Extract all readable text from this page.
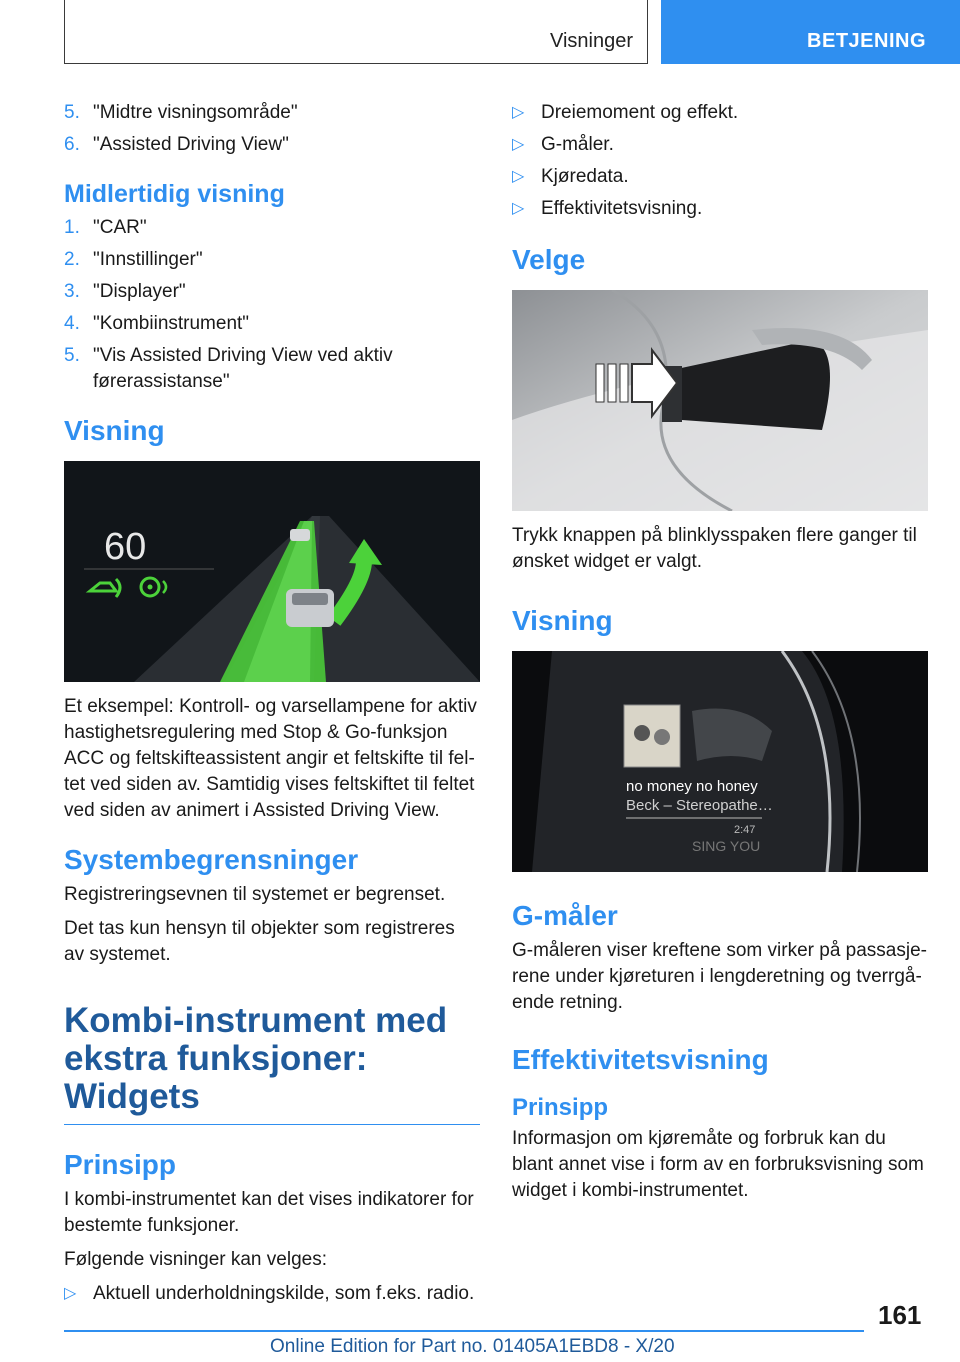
Visninger	BETJENING
5. "Midtre visningsområde"
6. "Assisted Driving View"
Midlertidig visning
1. "CAR"
2. "Innstillinger"
3. "Displayer"
4. "Kombiinstrument"
5. "Vis Assisted Driving View ved aktiv førerassistanse"
Visning
60

Et eksempel: Kontroll- og varsellampene for aktiv hastighetsregulering med Stop & Go-funksjon ACC og feltskifteassistent angir et feltskifte til fel-tet ved siden av. Samtidig vises feltskiftet til feltet ved siden av animert i Assisted Driving View.

Systembegrensninger

Registreringsevnen til systemet er begrenset.

Det tas kun hensyn til objekter som registreres av systemet.

Kombi-instrument med ekstra funksjoner: Widgets
Prinsipp

I kombi-instrumentet kan det vises indikatorer for bestemte funksjoner.

Følgende visninger kan velges:

▷ Aktuell underholdningskilde, som f.eks. radio.
▷ Dreiemoment og effekt.
▷ G-måler.
▷ Kjøredata.
▷ Effektivitetsvisning.
Velge

Trykk knappen på blinklysspaken flere ganger til ønsket widget er valgt.

Visning
no money no honey
Beck – Stereopathe…
2:47
SING YOU
G-måler

G-måleren viser kreftene som virker på passasje-rene under kjøreturen i lengderetning og tverrgå-ende retning.

Effektivitetsvisning
Prinsipp

Informasjon om kjøremåte og forbruk kan du blant annet vise i form av en forbruksvisning som widget i kombi-instrumentet.

161
Online Edition for Part no. 01405A1EBD8 - X/20
